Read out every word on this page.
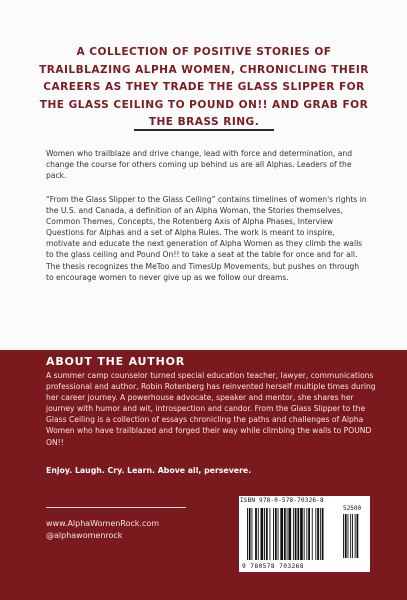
A COLLECTION OF POSITIVE STORIES OF TRAILBLAZING ALPHA WOMEN, CHRONICLING THEIR CAREERS AS THEY TRADE THE GLASS SLIPPER FOR THE GLASS CEILING TO POUND ON!! AND GRAB FOR THE BRASS RING.
Women who trailblaze and drive change, lead with force and determination, and change the course for others coming up behind us are all Alphas. Leaders of the pack.
“From the Glass Slipper to the Glass Ceiling” contains timelines of women's rights in the U.S. and Canada, a definition of an Alpha Woman, the Stories themselves, Common Themes, Concepts, the Rotenberg Axis of Alpha Phases, Interview Questions for Alphas and a set of Alpha Rules. The work is meant to inspire, motivate and educate the next generation of Alpha Women as they climb the walls to the glass ceiling and Pound On!! to take a seat at the table for once and for all. The thesis recognizes the MeToo and TimesUp Movements, but pushes on through to encourage women to never give up as we follow our dreams.
ABOUT THE AUTHOR
A summer camp counselor turned special education teacher, lawyer, communications professional and author, Robin Rotenberg has reinvented herself multiple times during her career journey. A powerhouse advocate, speaker and mentor, she shares her journey with humor and wit, introspection and candor. From the Glass Slipper to the Glass Ceiling is a collection of essays chronicling the paths and challenges of Alpha Women who have trailblazed and forged their way while climbing the walls to POUND ON!!
Enjoy. Laugh. Cry. Learn. Above all, persevere.
www.AlphaWomenRock.com
@alphawomenrock
ISBN 978-0-578-70326-8
52500
9 780578 703268
